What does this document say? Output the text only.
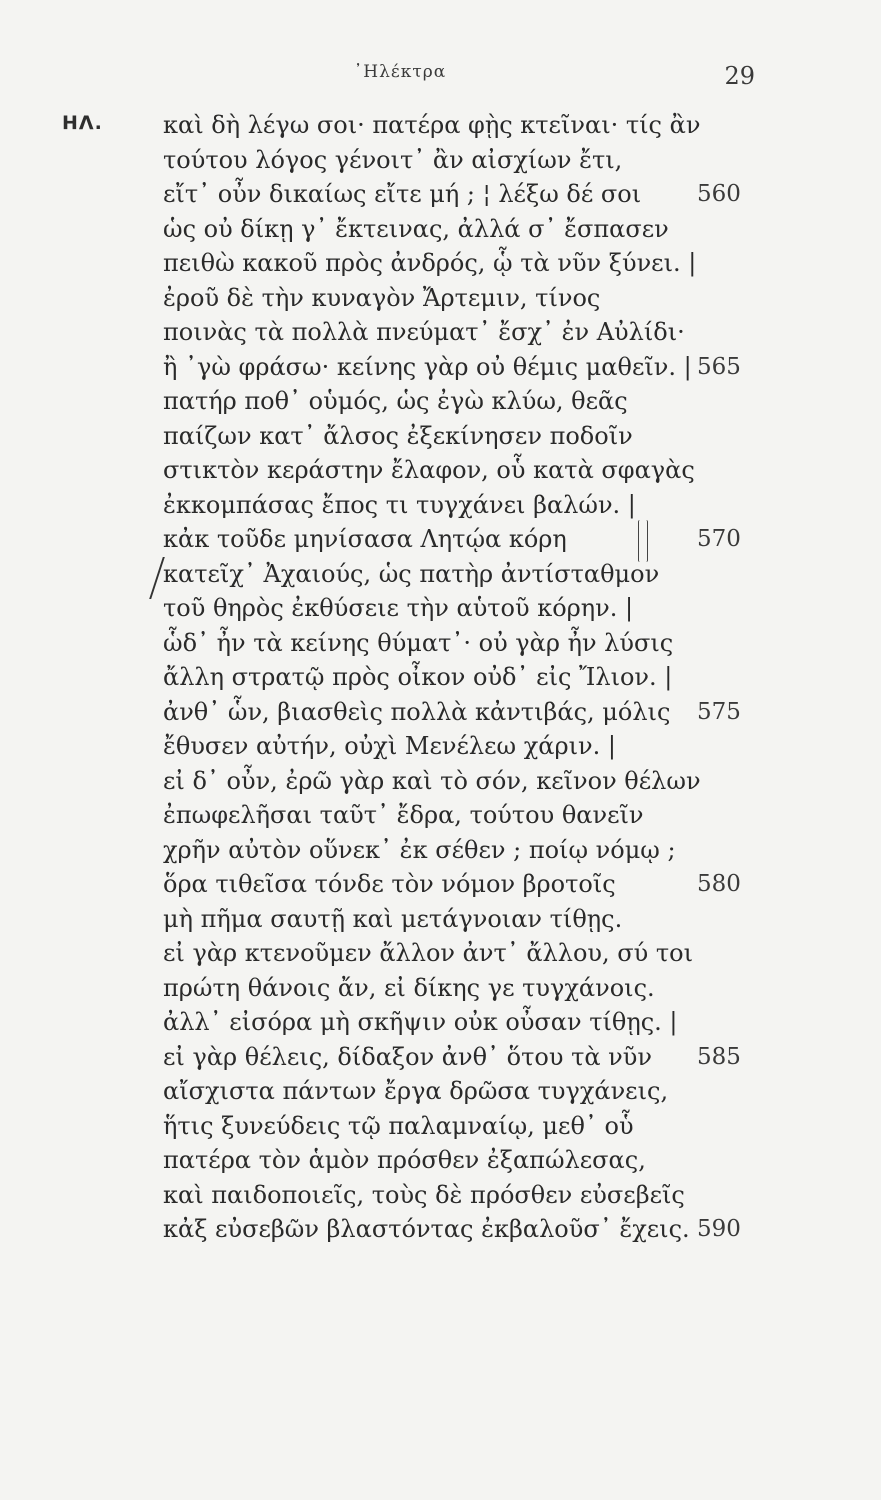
᾿Ηλέκτρα	29
ΗΛ.	καὶ δὴ λέγω σοι· πατέρα φῂς κτεῖναι· τίς ἂν
τούτου λόγος γένοιτ᾿ ἂν αἰσχίων ἔτι,
εἴτ᾿ οὖν δικαίως εἴτε μή ; ¦ λέξω δέ σοι 560
ὡς οὐ δίκῃ γ᾿ ἔκτεινας, ἀλλά σ᾿ ἔσπασεν
πειθὼ κακοῦ πρὸς ἀνδρός, ᾧ τὰ νῦν ξύνει. |
ἐροῦ δὲ τὴν κυναγὸν Ἄρτεμιν, τίνος
ποινὰς τὰ πολλὰ πνεύματ᾿ ἔσχ᾿ ἐν Αὐλίδι·
ἢ ᾿γὼ φράσω· κείνης γὰρ οὐ θέμις μαθεῖν. | 565
πατήρ ποθ᾿ οὑμός, ὡς ἐγὼ κλύω, θεᾶς
παίζων κατ᾿ ἄλσος ἐξεκίνησεν ποδοῖν
στικτὸν κεράστην ἔλαφον, οὗ κατὰ σφαγὰς
ἐκκομπάσας ἔπος τι τυγχάνει βαλών. |
κἀκ τοῦδε μηνίσασα Λητῴα κόρη	570
κατεῖχ᾿ Ἀχαιούς, ὡς πατὴρ ἀντίσταθμον
τοῦ θηρὸς ἐκθύσειε τὴν αὑτοῦ κόρην. |
ὧδ᾿ ἦν τὰ κείνης θύματ᾿· οὐ γὰρ ἦν λύσις
ἄλλη στρατῷ πρὸς οἶκον οὐδ᾿ εἰς Ἴλιον. |
ἀνθ᾿ ὧν, βιασθεὶς πολλὰ κἀντιβάς, μόλις 575
ἔθυσεν αὐτήν, οὐχὶ Μενέλεω χάριν. |
εἰ δ᾿ οὖν, ἐρῶ γὰρ καὶ τὸ σόν, κεῖνον θέλων
ἐπωφελῆσαι ταῦτ᾿ ἔδρα, τούτου θανεῖν
χρῆν αὐτὸν οὕνεκ᾿ ἐκ σέθεν ; ποίῳ νόμῳ ;
ὅρα τιθεῖσα τόνδε τὸν νόμον βροτοῖς	580
μὴ πῆμα σαυτῇ καὶ μετάγνοιαν τίθῃς.
εἰ γὰρ κτενοῦμεν ἄλλον ἀντ᾿ ἄλλου, σύ τοι
πρώτη θάνοις ἄν, εἰ δίκης γε τυγχάνοις.
ἀλλ᾿ εἰσόρα μὴ σκῆψιν οὐκ οὖσαν τίθῃς. |
εἰ γὰρ θέλεις, δίδαξον ἀνθ᾿ ὅτου τὰ νῦν 585
αἴσχιστα πάντων ἔργα δρῶσα τυγχάνεις,
ἥτις ξυνεύδεις τῷ παλαμναίῳ, μεθ᾿ οὗ
πατέρα τὸν ἁμὸν πρόσθεν ἐξαπώλεσας,
καὶ παιδοποιεῖς, τοὺς δὲ πρόσθεν εὐσεβεῖς
κἀξ εὐσεβῶν βλαστόντας ἐκβαλοῦσ᾿ ἔχεις. 590
